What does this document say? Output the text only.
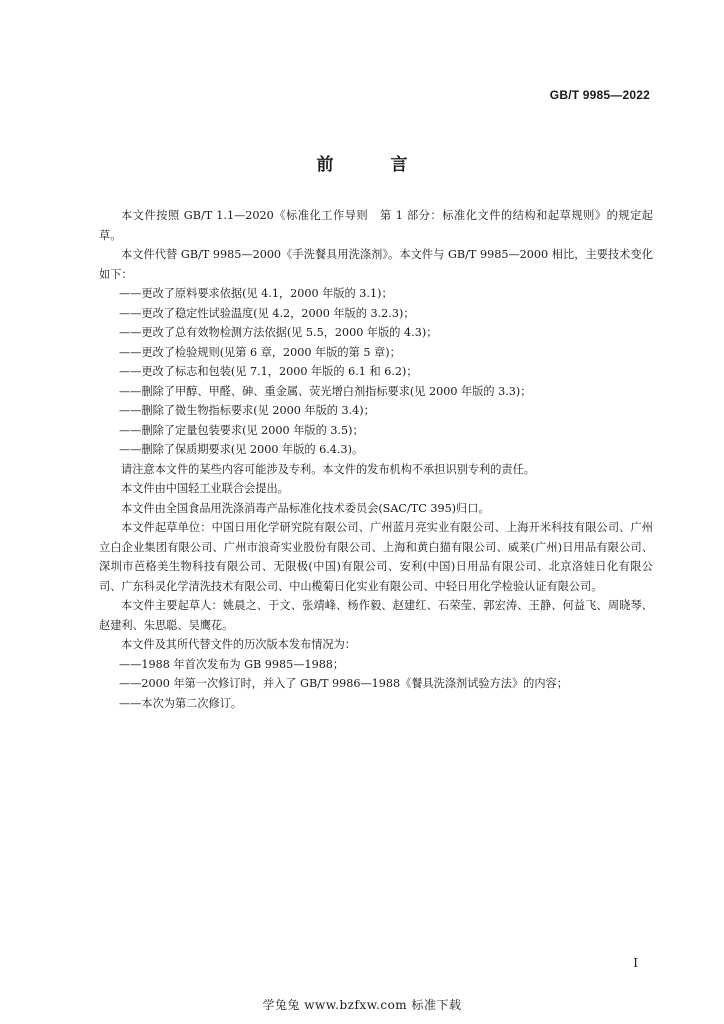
GB/T 9985—2022
前　言

本文件按照 GB/T 1.1—2020《标准化工作导则　第 1 部分：标准化文件的结构和起草规则》的规定起草。

本文件代替 GB/T 9985—2000《手洗餐具用洗涤剂》。本文件与 GB/T 9985—2000 相比，主要技术变化如下：

——更改了原料要求依据(见 4.1，2000 年版的 3.1)；

——更改了稳定性试验温度(见 4.2，2000 年版的 3.2.3)；

——更改了总有效物检测方法依据(见 5.5，2000 年版的 4.3)；

——更改了检验规则(见第 6 章，2000 年版的第 5 章)；

——更改了标志和包装(见 7.1，2000 年版的 6.1 和 6.2)；

——删除了甲醇、甲醛、砷、重金属、荧光增白剂指标要求(见 2000 年版的 3.3)；

——删除了微生物指标要求(见 2000 年版的 3.4)；

——删除了定量包装要求(见 2000 年版的 3.5)；

——删除了保质期要求(见 2000 年版的 6.4.3)。

请注意本文件的某些内容可能涉及专利。本文件的发布机构不承担识别专利的责任。

本文件由中国轻工业联合会提出。

本文件由全国食品用洗涤消毒产品标准化技术委员会(SAC/TC 395)归口。

本文件起草单位：中国日用化学研究院有限公司、广州蓝月亮实业有限公司、上海开米科技有限公司、广州立白企业集团有限公司、广州市浪奇实业股份有限公司、上海和黄白猫有限公司、威莱(广州)日用品有限公司、深圳市芭格美生物科技有限公司、无限极(中国)有限公司、安利(中国)日用品有限公司、北京洛娃日化有限公司、广东科灵化学清洗技术有限公司、中山榄菊日化实业有限公司、中轻日用化学检验认证有限公司。

本文件主要起草人：姚晨之、于文、张靖峰、杨作毅、赵建红、石荣莹、郭宏涛、王静、何益飞、周晓琴、赵建利、朱思聪、吴鹰花。

本文件及其所代替文件的历次版本发布情况为：

——1988 年首次发布为 GB 9985—1988；

——2000 年第一次修订时，并入了 GB/T 9986—1988《餐具洗涤剂试验方法》的内容；

——本次为第二次修订。

I
学兔兔 www.bzfxw.com 标准下载
